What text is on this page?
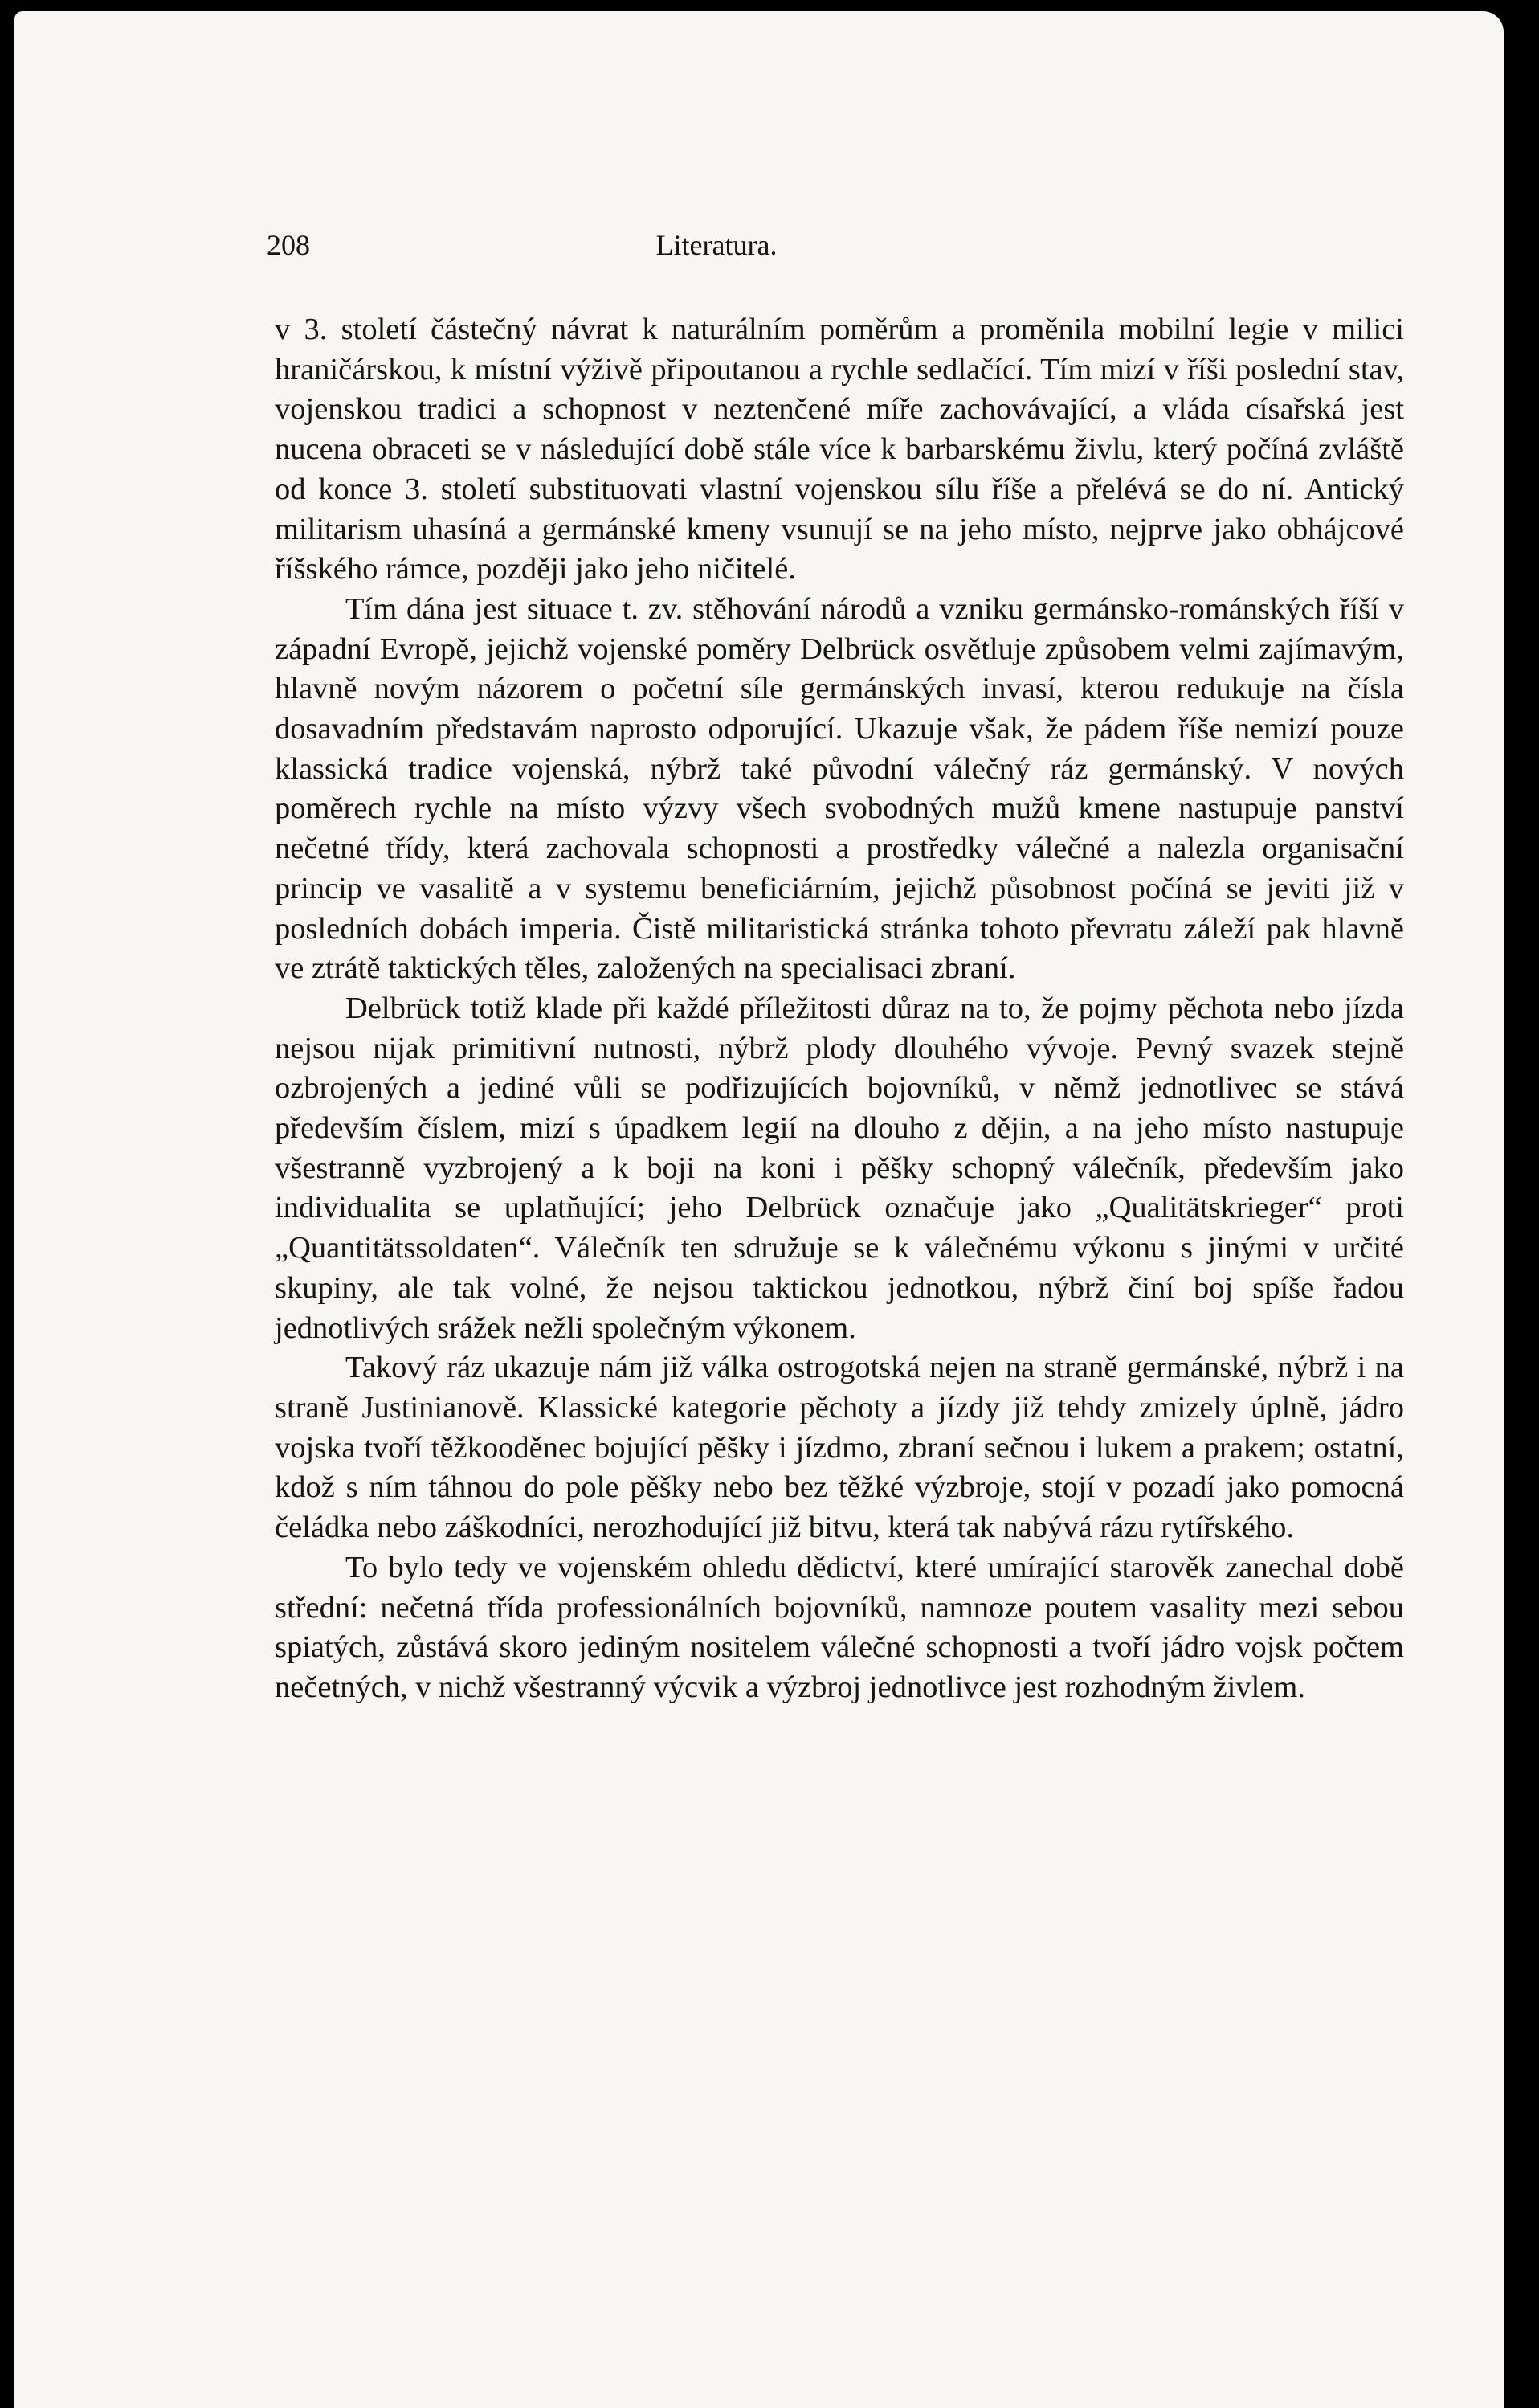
208	Literatura.

v 3. století částečný návrat k naturálním poměrům a proměnila mobilní legie v milici hraničárskou, k místní výživě připoutanou a rychle sedlačící. Tím mizí v říši poslední stav, vojenskou tradici a schopnost v neztenčené míře zachovávající, a vláda císařská jest nucena obraceti se v následující době stále více k barbarskému živlu, který počíná zvláště od konce 3. století substituovati vlastní vojenskou sílu říše a přelévá se do ní. Antický militarism uhasíná a germánské kmeny vsunují se na jeho místo, nejprve jako obhájcové říšského rámce, později jako jeho ničitelé.

Tím dána jest situace t. zv. stěhování národů a vzniku germánsko-románských říší v západní Evropě, jejichž vojenské poměry Delbrück osvětluje způsobem velmi zajímavým, hlavně novým názorem o početní síle germánských invasí, kterou redukuje na čísla dosavadním představám naprosto odporující. Ukazuje však, že pádem říše nemizí pouze klassická tradice vojenská, nýbrž také původní válečný ráz germánský. V nových poměrech rychle na místo výzvy všech svobodných mužů kmene nastupuje panství nečetné třídy, která zachovala schopnosti a prostředky válečné a nalezla organisační princip ve vasalitě a v systemu beneficiárním, jejichž působnost počíná se jeviti již v posledních dobách imperia. Čistě militaristická stránka tohoto převratu záleží pak hlavně ve ztrátě taktických těles, založených na specialisaci zbraní.

Delbrück totiž klade při každé příležitosti důraz na to, že pojmy pěchota nebo jízda nejsou nijak primitivní nutnosti, nýbrž plody dlouhého vývoje. Pevný svazek stejně ozbrojených a jediné vůli se podřizujících bojovníků, v němž jednotlivec se stává především číslem, mizí s úpadkem legií na dlouho z dějin, a na jeho místo nastupuje všestranně vyzbrojený a k boji na koni i pěšky schopný válečník, především jako individualita se uplatňující; jeho Delbrück označuje jako „Qualitätskrieger“ proti „Quantitätssoldaten“. Válečník ten sdružuje se k válečnému výkonu s jinými v určité skupiny, ale tak volné, že nejsou taktickou jednotkou, nýbrž činí boj spíše řadou jednotlivých srážek nežli společným výkonem.

Takový ráz ukazuje nám již válka ostrogotská nejen na straně germánské, nýbrž i na straně Justinianově. Klassické kategorie pěchoty a jízdy již tehdy zmizely úplně, jádro vojska tvoří těžkooděnec bojující pěšky i jízdmo, zbraní sečnou i lukem a prakem; ostatní, kdož s ním táhnou do pole pěšky nebo bez těžké výzbroje, stojí v pozadí jako pomocná čeládka nebo záškodníci, nerozhodující již bitvu, která tak nabývá rázu rytířského.

To bylo tedy ve vojenském ohledu dědictví, které umírající starověk zanechal době střední: nečetná třída professionálních bojovníků, namnoze poutem vasality mezi sebou spiatých, zůstává skoro jediným nositelem válečné schopnosti a tvoří jádro vojsk počtem nečetných, v nichž všestranný výcvik a výzbroj jednotlivce jest rozhodným živlem.
